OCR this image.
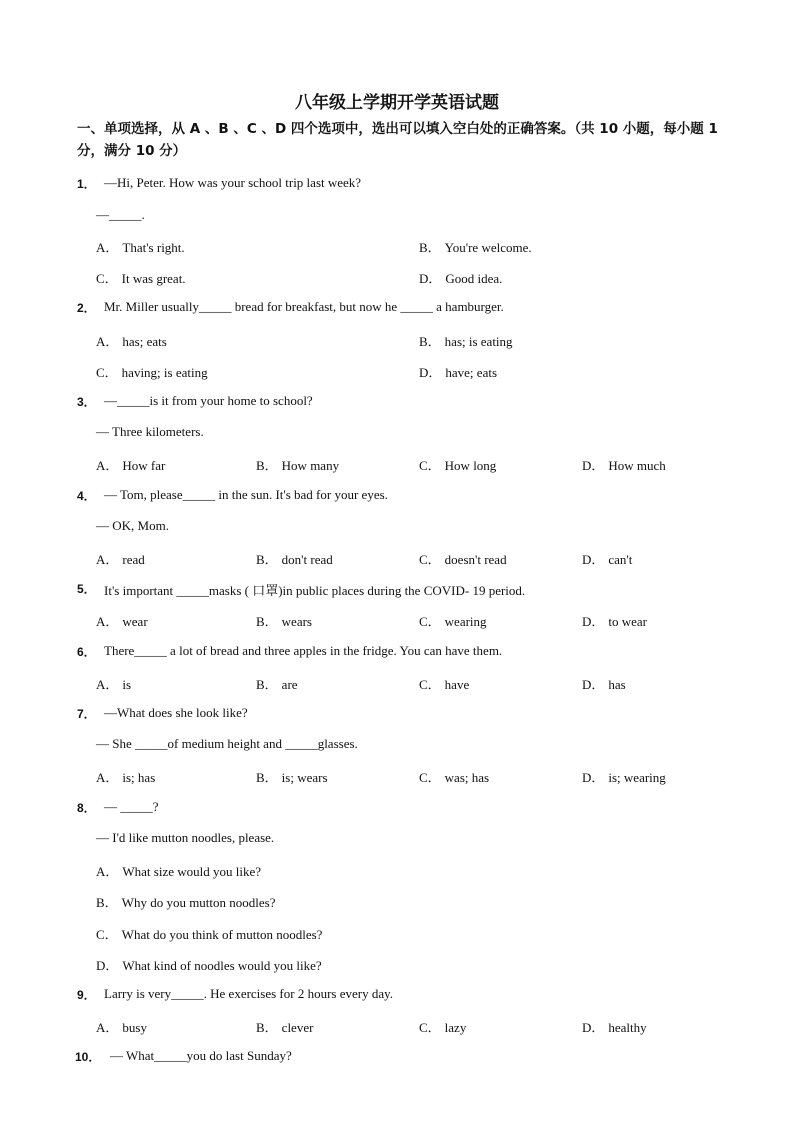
八年级上学期开学英语试题
一、单项选择，从 A 、B 、C 、D 四个选项中，选出可以填入空白处的正确答案。（共 10 小题，每小题 1 分，满分 10 分）
1． —Hi, Peter. How was your school trip last week?
—_____.
A． That's right.	B． You're welcome.
C． It was great.	D． Good idea.
2． Mr. Miller usually_____ bread for breakfast, but now he _____ a hamburger.
A． has; eats	B． has; is eating
C． having; is eating	D． have; eats
3． —_____is it from your home to school?
— Three kilometers.
A． How far	B． How many	C． How long	D． How much
4． — Tom, please_____ in the sun. It's bad for your eyes.
— OK, Mom.
A． read	B． don't read	C． doesn't read	D． can't
5． It's important _____masks ( 口罩)in public places during the COVID- 19 period.
A． wear	B． wears	C． wearing	D． to wear
6． There_____ a lot of bread and three apples in the fridge. You can have them.
A． is	B． are	C． have	D． has
7． —What does she look like?
— She _____of medium height and _____glasses.
A． is; has	B． is; wears	C． was; has	D． is; wearing
8． — _____?
— I'd like mutton noodles, please.
A． What size would you like?
B． Why do you mutton noodles?
C． What do you think of mutton noodles?
D． What kind of noodles would you like?
9． Larry is very_____. He exercises for 2 hours every day.
A． busy	B． clever	C． lazy	D． healthy
10． — What_____you do last Sunday?
